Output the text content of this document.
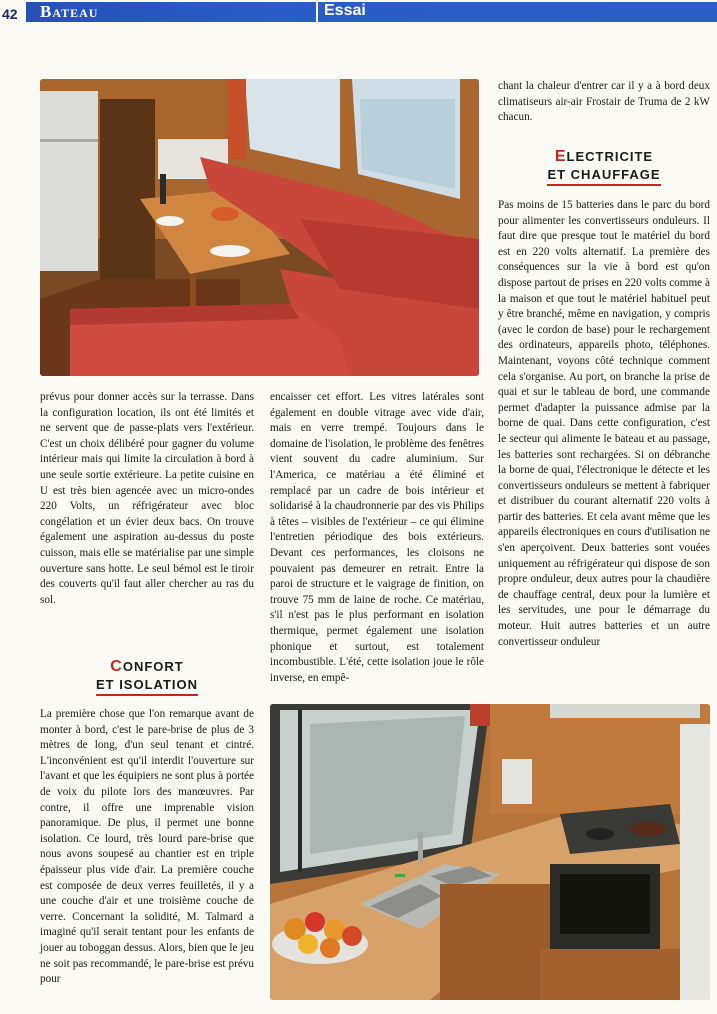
42 Bateau	Essai

prévus pour donner accès sur la terrasse. Dans la configuration location, ils ont été limités et ne servent que de passe-plats vers l'extérieur. C'est un choix délibéré pour gagner du volume intérieur mais qui limite la circulation à bord à une seule sortie extérieure. La petite cuisine en U est très bien agencée avec un micro-ondes 220 Volts, un réfrigérateur avec bloc congélation et un évier deux bacs. On trouve également une aspiration au-dessus du poste cuisson, mais elle se matérialise par une simple ouverture sans hotte. Le seul bémol est le tiroir des couverts qu'il faut aller chercher au ras du sol.

CONFORT
ET ISOLATION

La première chose que l'on remarque avant de monter à bord, c'est le pare-brise de plus de 3 mètres de long, d'un seul tenant et cintré. L'inconvénient est qu'il interdit l'ouverture sur l'avant et que les équipiers ne sont plus à portée de voix du pilote lors des manœuvres. Par contre, il offre une imprenable vision panoramique. De plus, il permet une bonne isolation. Ce lourd, très lourd pare-brise que nous avons soupesé au chantier est en triple épaisseur plus vide d'air. La première couche est composée de deux verres feuilletés, il y a une couche d'air et une troisième couche de verre. Concernant la solidité, M. Talmard a imaginé qu'il serait tentant pour les enfants de jouer au toboggan dessus. Alors, bien que le jeu ne soit pas recommandé, le pare-brise est prévu pour

encaisser cet effort. Les vitres latérales sont également en double vitrage avec vide d'air, mais en verre trempé. Toujours dans le domaine de l'isolation, le problème des fenêtres vient souvent du cadre aluminium. Sur l'America, ce matériau a été éliminé et remplacé par un cadre de bois intérieur et solidarisé à la chaudronnerie par des vis Philips à têtes – visibles de l'extérieur – ce qui élimine l'entretien périodique des bois extérieurs. Devant ces performances, les cloisons ne pouvaient pas demeurer en retrait. Entre la paroi de structure et le vaigrage de finition, on trouve 75 mm de laine de roche. Ce matériau, s'il n'est pas le plus performant en isolation thermique, permet également une isolation phonique et surtout, est totalement incombustible. L'été, cette isolation joue le rôle inverse, en empê-

chant la chaleur d'entrer car il y a à bord deux climatiseurs air-air Frostair de Truma de 2 kW chacun.

ELECTRICITE
ET CHAUFFAGE

Pas moins de 15 batteries dans le parc du bord pour alimenter les convertisseurs onduleurs. Il faut dire que presque tout le matériel du bord est en 220 volts alternatif. La première des conséquences sur la vie à bord est qu'on dispose partout de prises en 220 volts comme à la maison et que tout le matériel habituel peut y être branché, même en navigation, y compris (avec le cordon de base) pour le rechargement des ordinateurs, appareils photo, téléphones. Maintenant, voyons côté technique comment cela s'organise. Au port, on branche la prise de quai et sur le tableau de bord, une commande permet d'adapter la puissance admise par la borne de quai. Dans cette configuration, c'est le secteur qui alimente le bateau et au passage, les batteries sont rechargées. Si on débranche la borne de quai, l'électronique le détecte et les convertisseurs onduleurs se mettent à fabriquer et distribuer du courant alternatif 220 volts à partir des batteries. Et cela avant même que les appareils électroniques en cours d'utilisation ne s'en aperçoivent. Deux batteries sont vouées uniquement au réfrigérateur qui dispose de son propre onduleur, deux autres pour la chaudière de chauffage central, deux pour la lumière et les servitudes, une pour le démarrage du moteur. Huit autres batteries et un autre convertisseur onduleur
